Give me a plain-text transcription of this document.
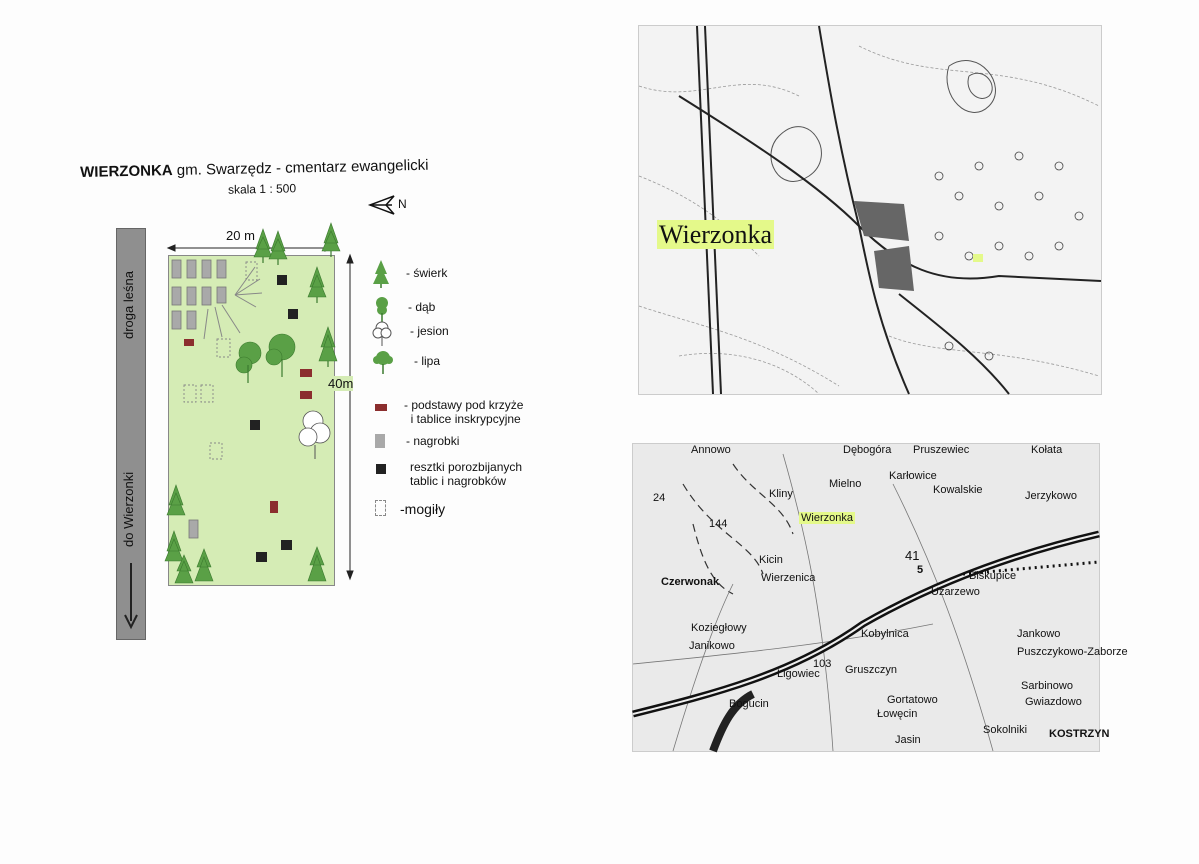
WIERZONKA gm. Swarzędz - cmentarz ewangelicki
skala 1 : 500
N
droga leśna
do Wierzonki
20 m
40m
- świerk
- dąb
- jesion
- lipa
- podstawy pod krzyże
i tablice inskrypcyjne
- nagrobki
resztki porozbijanych
tablic i nagrobków
-mogiły
Wierzonka
Annowo	Dębogóra Pruszewiec	Kołata
Karłowice
Mielno	Kowalskie
Kliny	Jerzykowo
Wierzonka
Kicin
Czerwonak	Wierzenica	Biskupice
Uzarzewo
Koziegłowy
Janikowo
Kobylnica	Jankowo
Gruszczyn
Ligowiec
Bogucin
Puszczykowo-Zaborze
Sarbinowo
Gwiazdowo
Gortatowo
Łowęcin
Sokolniki
Jasin	KOSTRZYN
24
41
5
103
144
